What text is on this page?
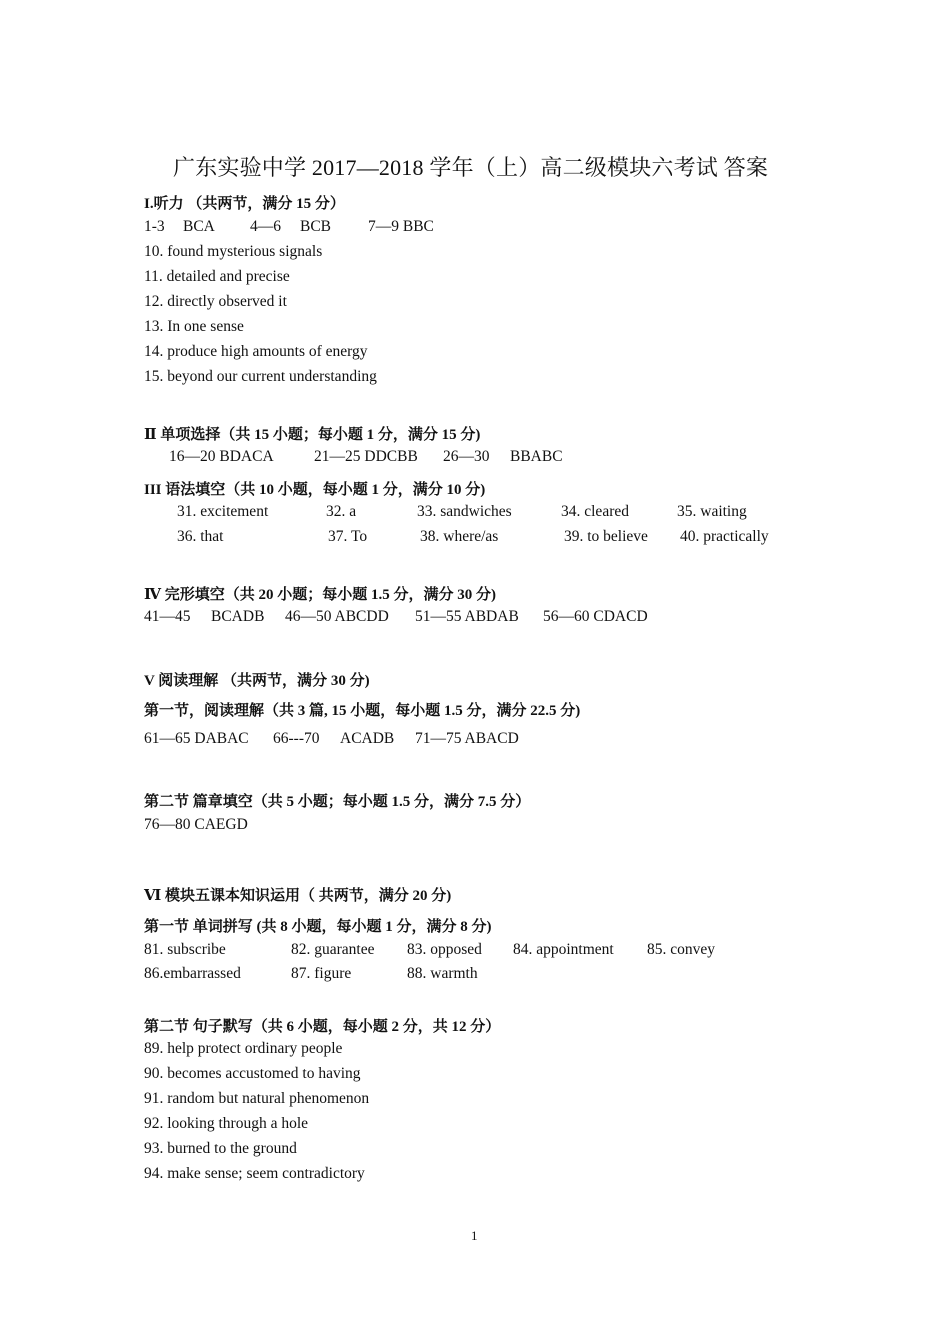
广东实验中学 2017—2018 学年（上）高二级模块六考试 答案
I.听力 （共两节，满分 15 分）
1-3 BCA 4—6 BCB 7—9 BBC
10. found mysterious signals
11. detailed and precise
12. directly observed it
13. In one sense
14. produce high amounts of energy
15. beyond our current understanding
Ⅱ 单项选择（共 15 小题；每小题 1 分，满分 15 分)
16—20 BDACA	21—25 DDCBB 26—30 BBABC
III 语法填空（共 10 小题，每小题 1 分，满分 10 分)
31. excitement	32. a	33. sandwiches	34. cleared	35. waiting
36. that	37. To	38. where/as	39. to believe 40. practically
Ⅳ 完形填空（共 20 小题；每小题 1.5 分，满分 30 分)
41—45 BCADB 46—50 ABCDD 51—55 ABDAB 56—60 CDACD
V 阅读理解 （共两节，满分 30 分)
第一节，阅读理解（共 3 篇, 15 小题，每小题 1.5 分，满分 22.5 分)
61—65 DABAC 66---70 ACADB 71—75 ABACD
第二节 篇章填空（共 5 小题；每小题 1.5 分，满分 7.5 分）
76—80 CAEGD
Ⅵ 模块五课本知识运用（ 共两节，满分 20 分)
第一节 单词拼写 (共 8 小题，每小题 1 分，满分 8 分)
81. subscribe	82. guarantee 83. opposed 84. appointment 85. convey
86.embarrassed	87. figure	88. warmth
第二节 句子默写（共 6 小题，每小题 2 分，共 12 分）
89. help protect ordinary people
90. becomes accustomed to having
91. random but natural phenomenon
92. looking through a hole
93. burned to the ground
94. make sense; seem contradictory
1
